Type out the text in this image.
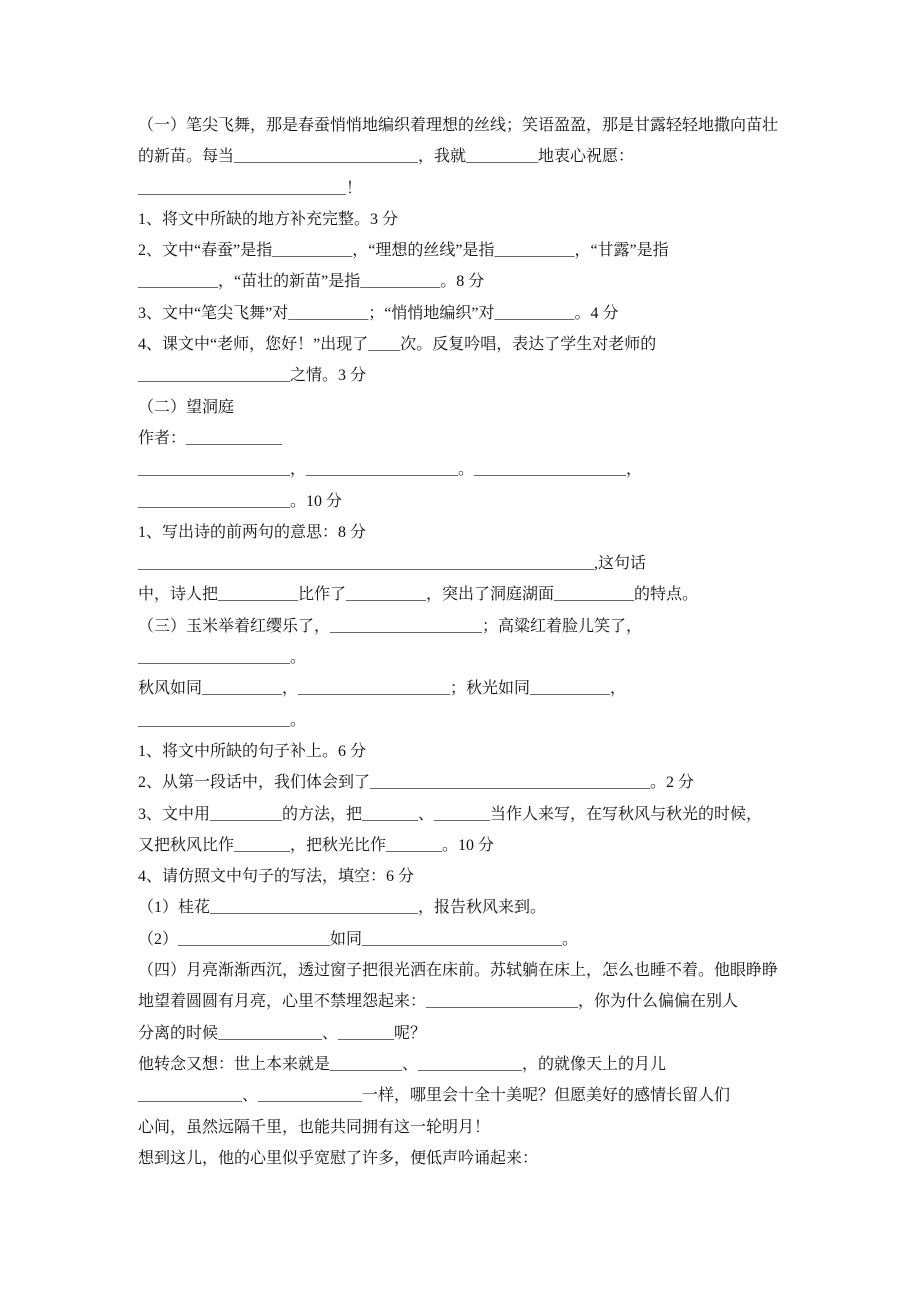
（一）笔尖飞舞，那是春蚕悄悄地编织着理想的丝线；笑语盈盈，那是甘露轻轻地撒向苗壮
的新苗。每当_______________________，我就_________地衷心祝愿：
__________________________！
1、将文中所缺的地方补充完整。3 分
2、文中“春蚕”是指__________，“理想的丝线”是指__________，“甘露”是指
__________，“苗壮的新苗”是指__________。8 分
3、文中“笔尖飞舞”对__________；“悄悄地编织”对__________。4 分
4、课文中“老师，您好！”出现了____次。反复吟唱，表达了学生对老师的
___________________之情。3 分
（二）望洞庭
作者：____________
___________________，___________________。___________________，
___________________。10 分
1、写出诗的前两句的意思：8 分
_________________________________________________________,这句话
中，诗人把__________比作了__________，突出了洞庭湖面__________的特点。
（三）玉米举着红缨乐了，___________________；高粱红着脸儿笑了，
___________________。
秋风如同__________，___________________；秋光如同__________，
___________________。
1、将文中所缺的句子补上。6 分
2、从第一段话中，我们体会到了___________________________________。2 分
3、文中用_________的方法，把_______、_______当作人来写，在写秋风与秋光的时候，
又把秋风比作_______，把秋光比作_______。10 分
4、请仿照文中句子的写法，填空：6 分
（1）桂花__________________________，报告秋风来到。
（2）___________________如同_________________________。
（四）月亮渐渐西沉，透过窗子把很光洒在床前。苏轼躺在床上，怎么也睡不着。他眼睁睁
地望着圆圆有月亮，心里不禁埋怨起来：___________________，你为什么偏偏在别人
分离的时候_____________、_______呢？
他转念又想：世上本来就是_________、_____________，的就像天上的月儿
_____________、_____________一样，哪里会十全十美呢？但愿美好的感情长留人们
心间，虽然远隔千里，也能共同拥有这一轮明月！
想到这儿，他的心里似乎宽慰了许多，便低声吟诵起来：
